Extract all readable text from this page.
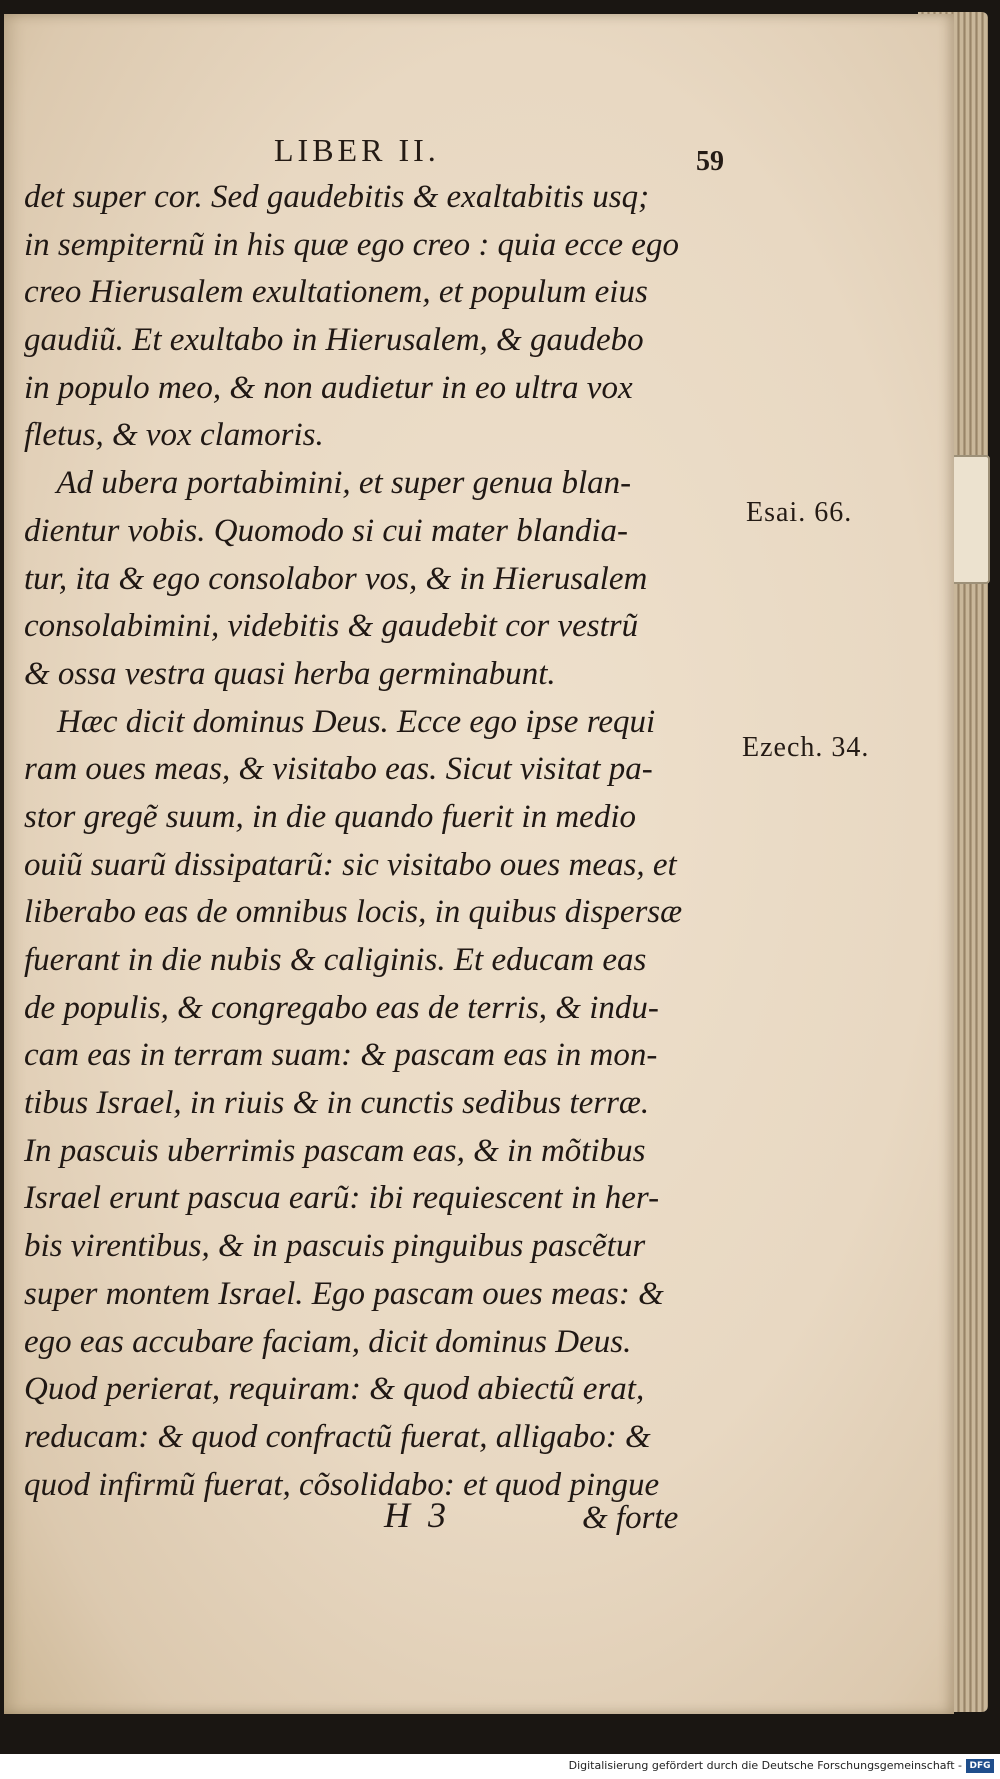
LIBER II.	59
det super cor. Sed gaudebitis & exaltabitis usq;
in sempiternũ in his quæ ego creo : quia ecce ego
creo Hierusalem exultationem, et populum eius
gaudiũ. Et exultabo in Hierusalem, & gaudebo
in populo meo, & non audietur in eo ultra vox
fletus, & vox clamoris.
Ad ubera portabimini, et super genua blan-
dientur vobis. Quomodo si cui mater blandia-
tur, ita & ego consolabor vos, & in Hierusalem
consolabimini, videbitis & gaudebit cor vestrũ
& ossa vestra quasi herba germinabunt.
Hæc dicit dominus Deus. Ecce ego ipse requi
ram oues meas, & visitabo eas. Sicut visitat pa-
stor gregẽ suum, in die quando fuerit in medio
ouiũ suarũ dissipatarũ: sic visitabo oues meas, et
liberabo eas de omnibus locis, in quibus dispersæ
fuerant in die nubis & caliginis. Et educam eas
de populis, & congregabo eas de terris, & indu-
cam eas in terram suam: & pascam eas in mon-
tibus Israel, in riuis & in cunctis sedibus terræ.
In pascuis uberrimis pascam eas, & in mõtibus
Israel erunt pascua earũ: ibi requiescent in her-
bis virentibus, & in pascuis pinguibus pascẽtur
super montem Israel. Ego pascam oues meas: &
ego eas accubare faciam, dicit dominus Deus.
Quod perierat, requiram: & quod abiectũ erat,
reducam: & quod confractũ fuerat, alligabo: &
quod infirmũ fuerat, cõsolidabo: et quod pingue
Esai. 66.
Ezech. 34.
H  3	& forte
Digitalisierung gefördert durch die Deutsche Forschungsgemeinschaft - DFG
